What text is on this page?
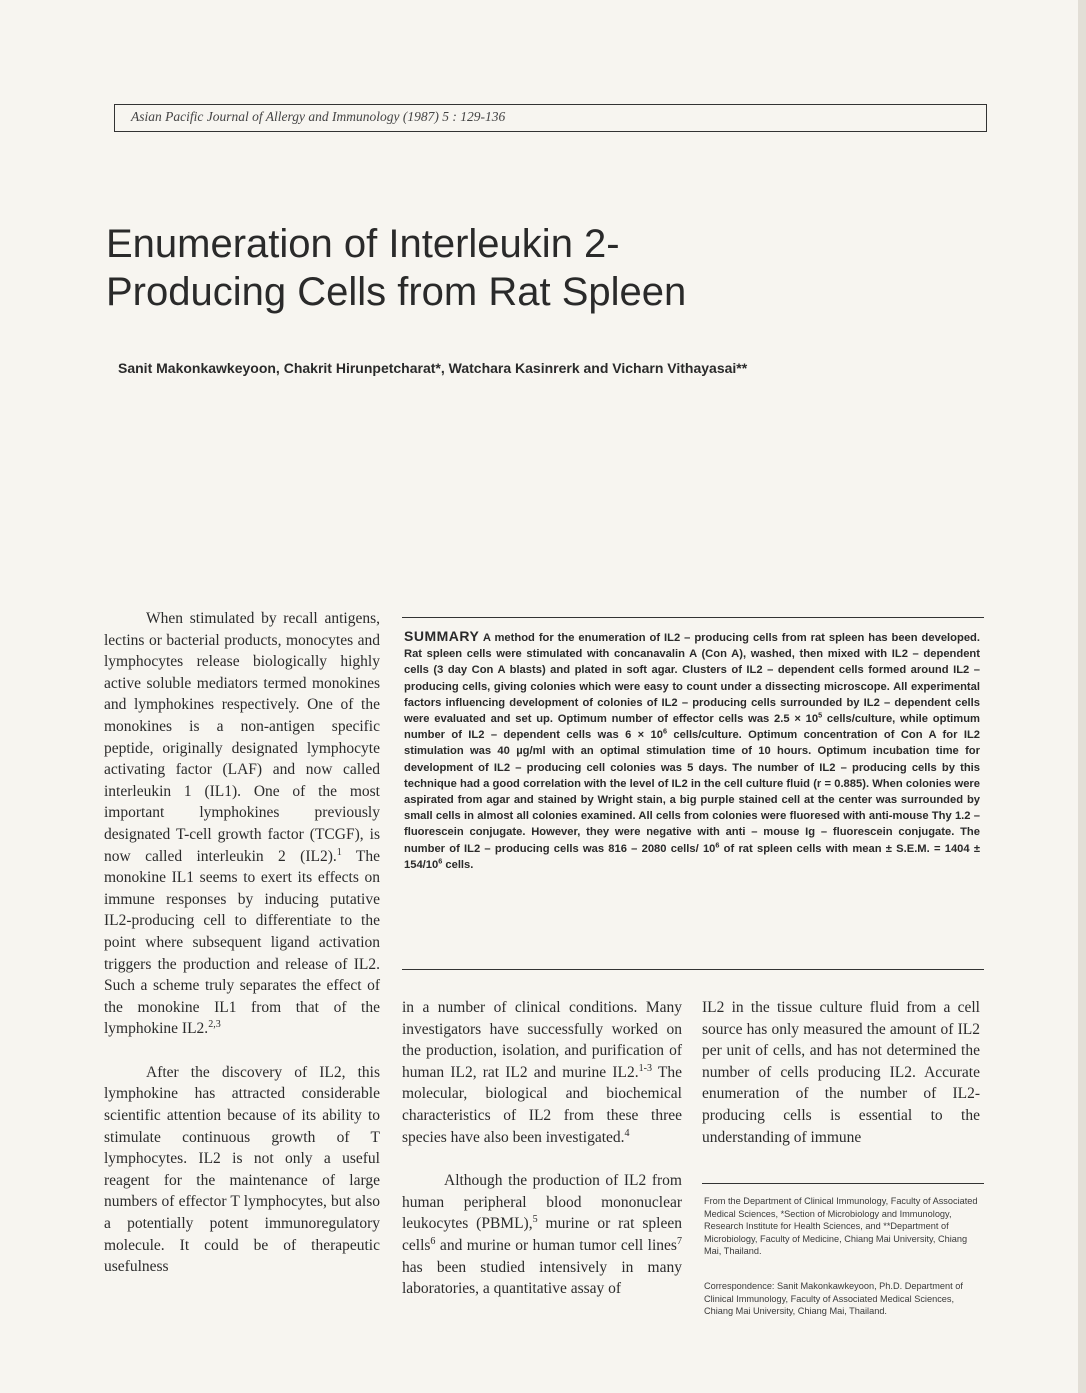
Asian Pacific Journal of Allergy and Immunology (1987) 5 : 129-136
Enumeration of Interleukin 2-
Producing Cells from Rat Spleen
Sanit Makonkawkeyoon, Chakrit Hirunpetcharat*, Watchara Kasinrerk and Vicharn Vithayasai**

When stimulated by recall antigens, lectins or bacterial products, monocytes and lymphocytes release biologically highly active soluble mediators termed monokines and lymphokines respectively. One of the monokines is a non-antigen specific peptide, originally designated lymphocyte activating factor (LAF) and now called interleukin 1 (IL1). One of the most important lymphokines previously designated T-cell growth factor (TCGF), is now called interleukin 2 (IL2).$^1$ The monokine IL1 seems to exert its effects on immune responses by inducing putative IL2-producing cell to differentiate to the point where subsequent ligand activation triggers the production and release of IL2. Such a scheme truly separates the effect of the monokine IL1 from that of the lymphokine IL2.$^{2,3}$

After the discovery of IL2, this lymphokine has attracted considerable scientific attention because of its ability to stimulate continuous growth of T lymphocytes. IL2 is not only a useful reagent for the maintenance of large numbers of effector T lymphocytes, but also a potentially potent immunoregulatory molecule. It could be of therapeutic usefulness

SUMMARY A method for the enumeration of IL2 – producing cells from rat spleen has been developed. Rat spleen cells were stimulated with concanavalin A (Con A), washed, then mixed with IL2 – dependent cells (3 day Con A blasts) and plated in soft agar. Clusters of IL2 – dependent cells formed around IL2 – producing cells, giving colonies which were easy to count under a dissecting microscope. All experimental factors influencing development of colonies of IL2 – producing cells surrounded by IL2 – dependent cells were evaluated and set up. Optimum number of effector cells was $2.5 \times 10^5$ cells/culture, while optimum number of IL2 – dependent cells was $6 \times 10^6$ cells/culture. Optimum concentration of Con A for IL2 stimulation was 40 µg/ml with an optimal stimulation time of 10 hours. Optimum incubation time for development of IL2 – producing cell colonies was 5 days. The number of IL2 – producing cells by this technique had a good correlation with the level of IL2 in the cell culture fluid (r = 0.885). When colonies were aspirated from agar and stained by Wright stain, a big purple stained cell at the center was surrounded by small cells in almost all colonies examined. All cells from colonies were fluoresed with anti-mouse Thy 1.2 – fluorescein conjugate. However, they were negative with anti – mouse Ig – fluorescein conjugate. The number of IL2 – producing cells was 816 – 2080 cells/ $10^6$ of rat spleen cells with mean ± S.E.M. = $1404 \pm 154/10^6$ cells.

in a number of clinical conditions. Many investigators have successfully worked on the production, isolation, and purification of human IL2, rat IL2 and murine IL2.$^{1-3}$ The molecular, biological and biochemical characteristics of IL2 from these three species have also been investigated.$^4$

Although the production of IL2 from human peripheral blood mononuclear leukocytes (PBML),$^5$ murine or rat spleen cells$^6$ and murine or human tumor cell lines$^7$ has been studied intensively in many laboratories, a quantitative assay of

IL2 in the tissue culture fluid from a cell source has only measured the amount of IL2 per unit of cells, and has not determined the number of cells producing IL2. Accurate enumeration of the number of IL2-producing cells is essential to the understanding of immune

From the Department of Clinical Immunology, Faculty of Associated Medical Sciences, *Section of Microbiology and Immunology, Research Institute for Health Sciences, and **Department of Microbiology, Faculty of Medicine, Chiang Mai University, Chiang Mai, Thailand.
Correspondence: Sanit Makonkawkeyoon, Ph.D. Department of Clinical Immunology, Faculty of Associated Medical Sciences, Chiang Mai University, Chiang Mai, Thailand.
